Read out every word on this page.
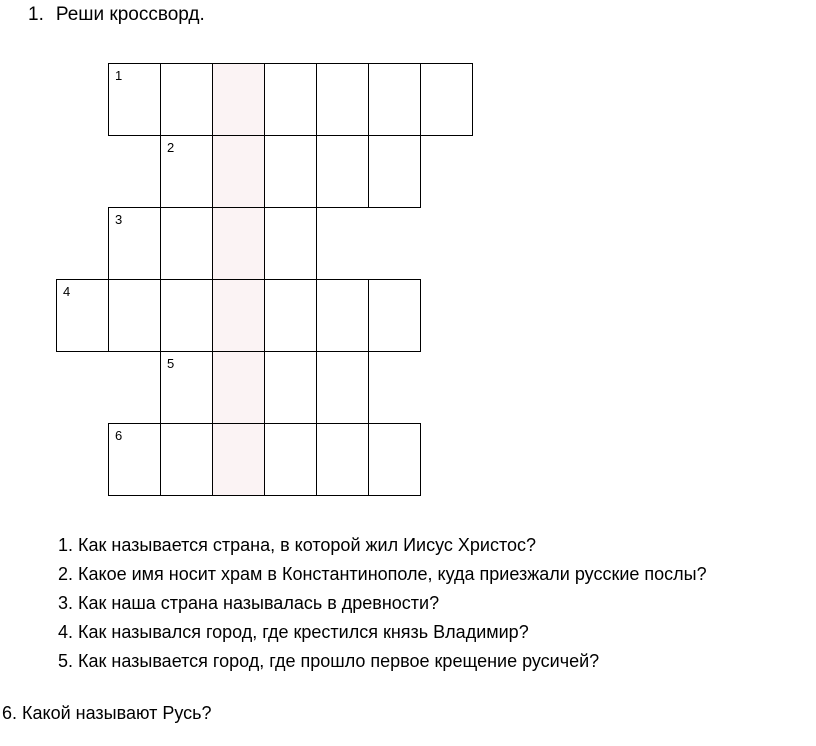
1. Реши кроссворд.
1
2
3
4
5
6
1. Как называется страна, в которой жил Иисус Христос?
2. Какое имя носит храм в Константинополе, куда приезжали русские послы?
3. Как наша страна называлась в древности?
4. Как назывался город, где крестился князь Владимир?
5. Как называется город, где прошло первое крещение русичей?
6. Какой называют Русь?
